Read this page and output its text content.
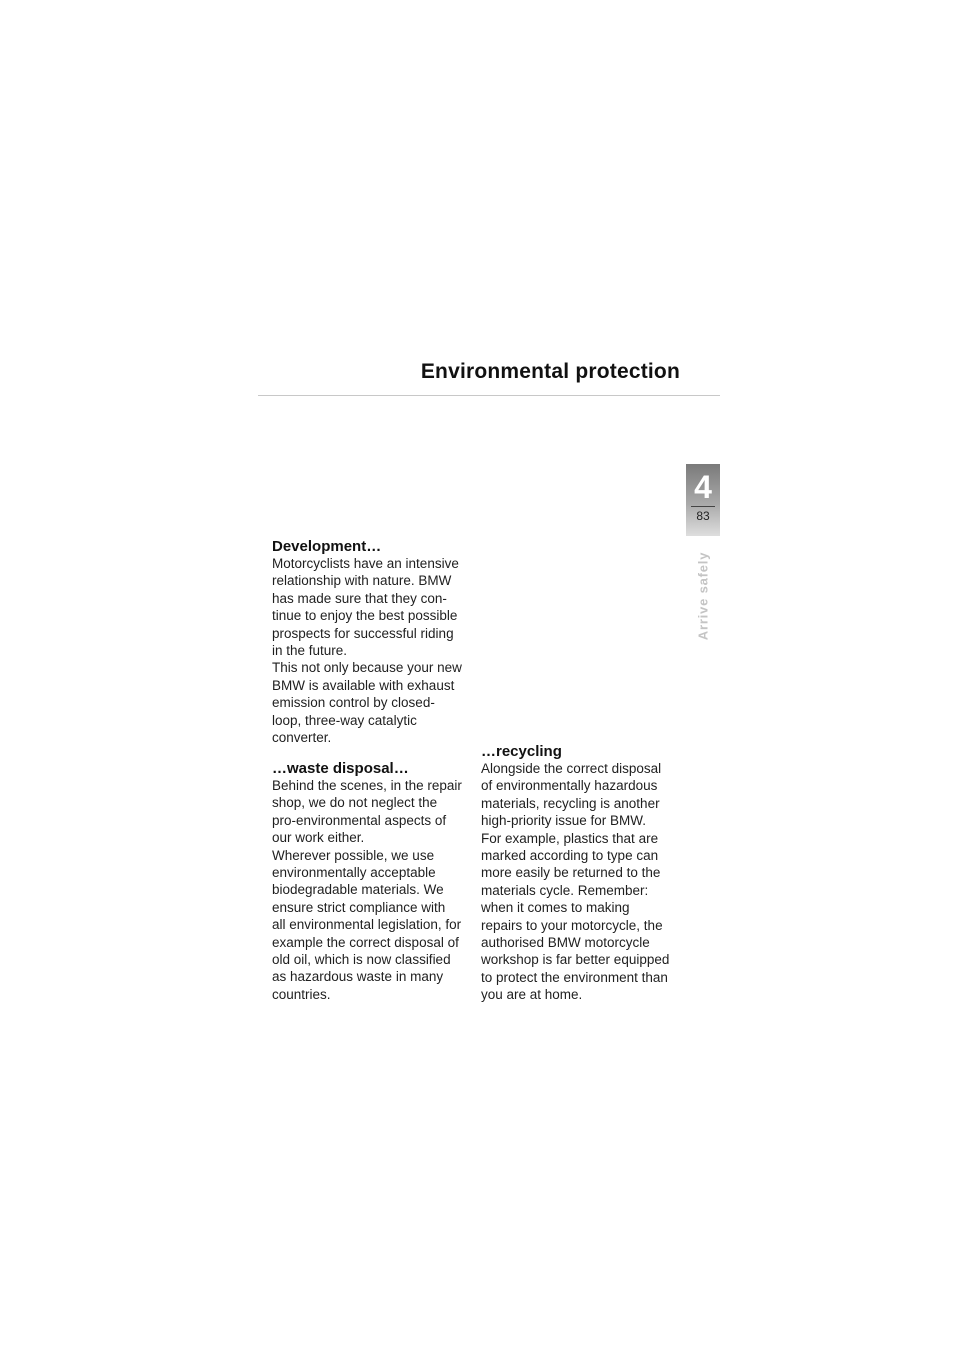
Environmental protection
4
83
Arrive safely
Development…

Motorcyclists have an intensive
relationship with nature. BMW
has made sure that they con-
tinue to enjoy the best possible
prospects for successful riding
in the future.
This not only because your new
BMW is available with exhaust
emission control by closed-
loop, three-way catalytic
converter.

…waste disposal…

Behind the scenes, in the repair
shop, we do not neglect the
pro-environmental aspects of
our work either.
Wherever possible, we use
environmentally acceptable
biodegradable materials. We
ensure strict compliance with
all environmental legislation, for
example the correct disposal of
old oil, which is now classified
as hazardous waste in many
countries.

…recycling

Alongside the correct disposal
of environmentally hazardous
materials, recycling is another
high-priority issue for BMW.
For example, plastics that are
marked according to type can
more easily be returned to the
materials cycle. Remember:
when it comes to making
repairs to your motorcycle, the
authorised BMW motorcycle
workshop is far better equipped
to protect the environment than
you are at home.
